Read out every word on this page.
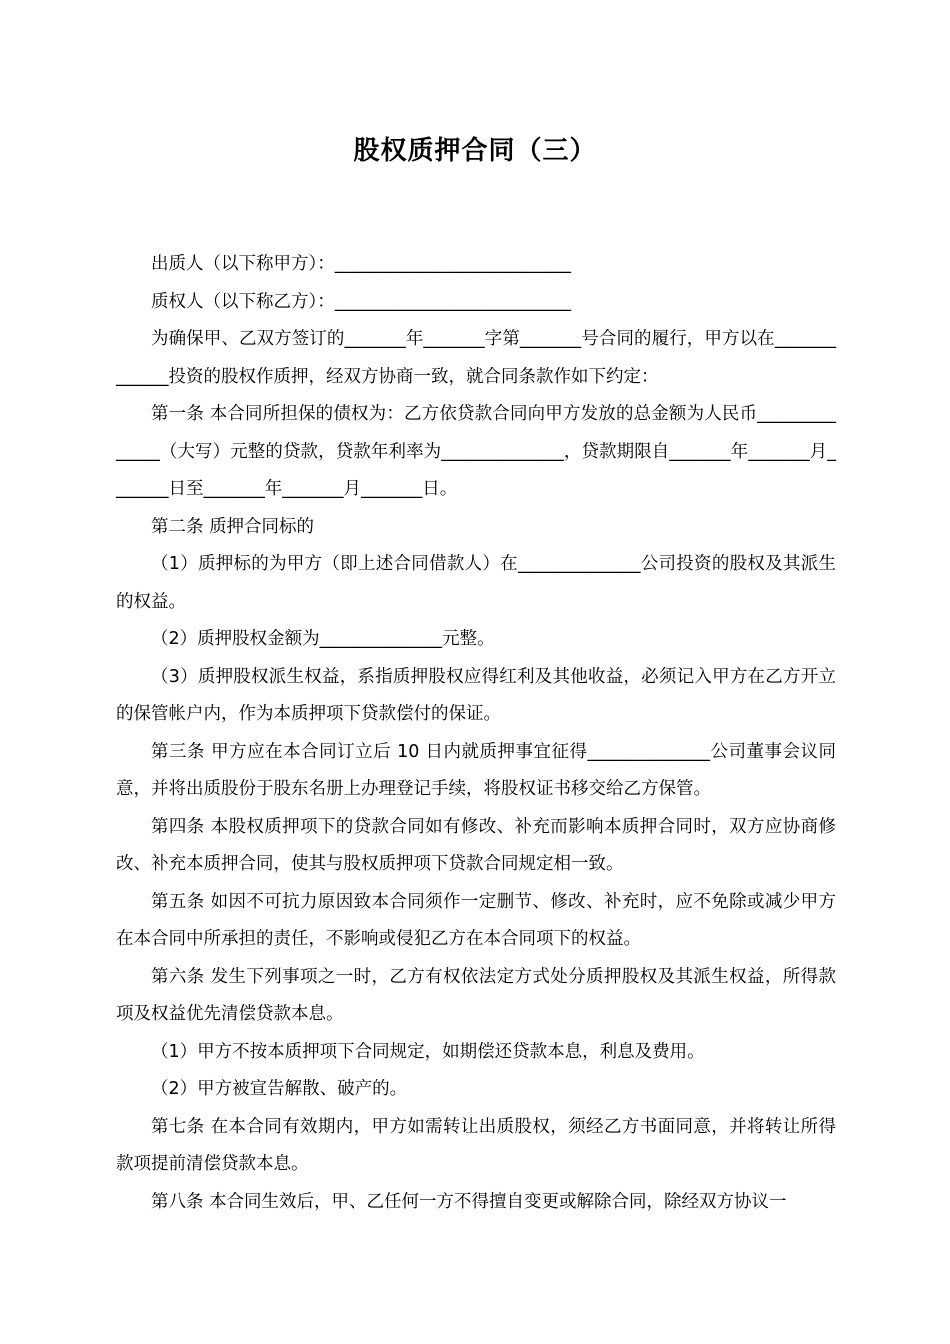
股权质押合同（三）

出质人（以下称甲方）：___________________________

质权人（以下称乙方）：___________________________

为确保甲、乙双方签订的_______年_______字第_______号合同的履行，甲方以在_____________投资的股权作质押，经双方协商一致，就合同条款作如下约定：

第一条 本合同所担保的债权为：乙方依贷款合同向甲方发放的总金额为人民币______________（大写）元整的贷款，贷款年利率为______________，贷款期限自_______年_______月_______日至_______年_______月_______日。

第二条 质押合同标的

（1）质押标的为甲方（即上述合同借款人）在______________公司投资的股权及其派生的权益。

（2）质押股权金额为______________元整。

（3）质押股权派生权益，系指质押股权应得红利及其他收益，必须记入甲方在乙方开立的保管帐户内，作为本质押项下贷款偿付的保证。

第三条 甲方应在本合同订立后 10 日内就质押事宜征得______________公司董事会议同意，并将出质股份于股东名册上办理登记手续，将股权证书移交给乙方保管。

第四条 本股权质押项下的贷款合同如有修改、补充而影响本质押合同时，双方应协商修改、补充本质押合同，使其与股权质押项下贷款合同规定相一致。

第五条 如因不可抗力原因致本合同须作一定删节、修改、补充时，应不免除或减少甲方在本合同中所承担的责任，不影响或侵犯乙方在本合同项下的权益。

第六条 发生下列事项之一时，乙方有权依法定方式处分质押股权及其派生权益，所得款项及权益优先清偿贷款本息。

（1）甲方不按本质押项下合同规定，如期偿还贷款本息，利息及费用。

（2）甲方被宣告解散、破产的。

第七条 在本合同有效期内，甲方如需转让出质股权，须经乙方书面同意，并将转让所得款项提前清偿贷款本息。

第八条 本合同生效后，甲、乙任何一方不得擅自变更或解除合同，除经双方协议一
